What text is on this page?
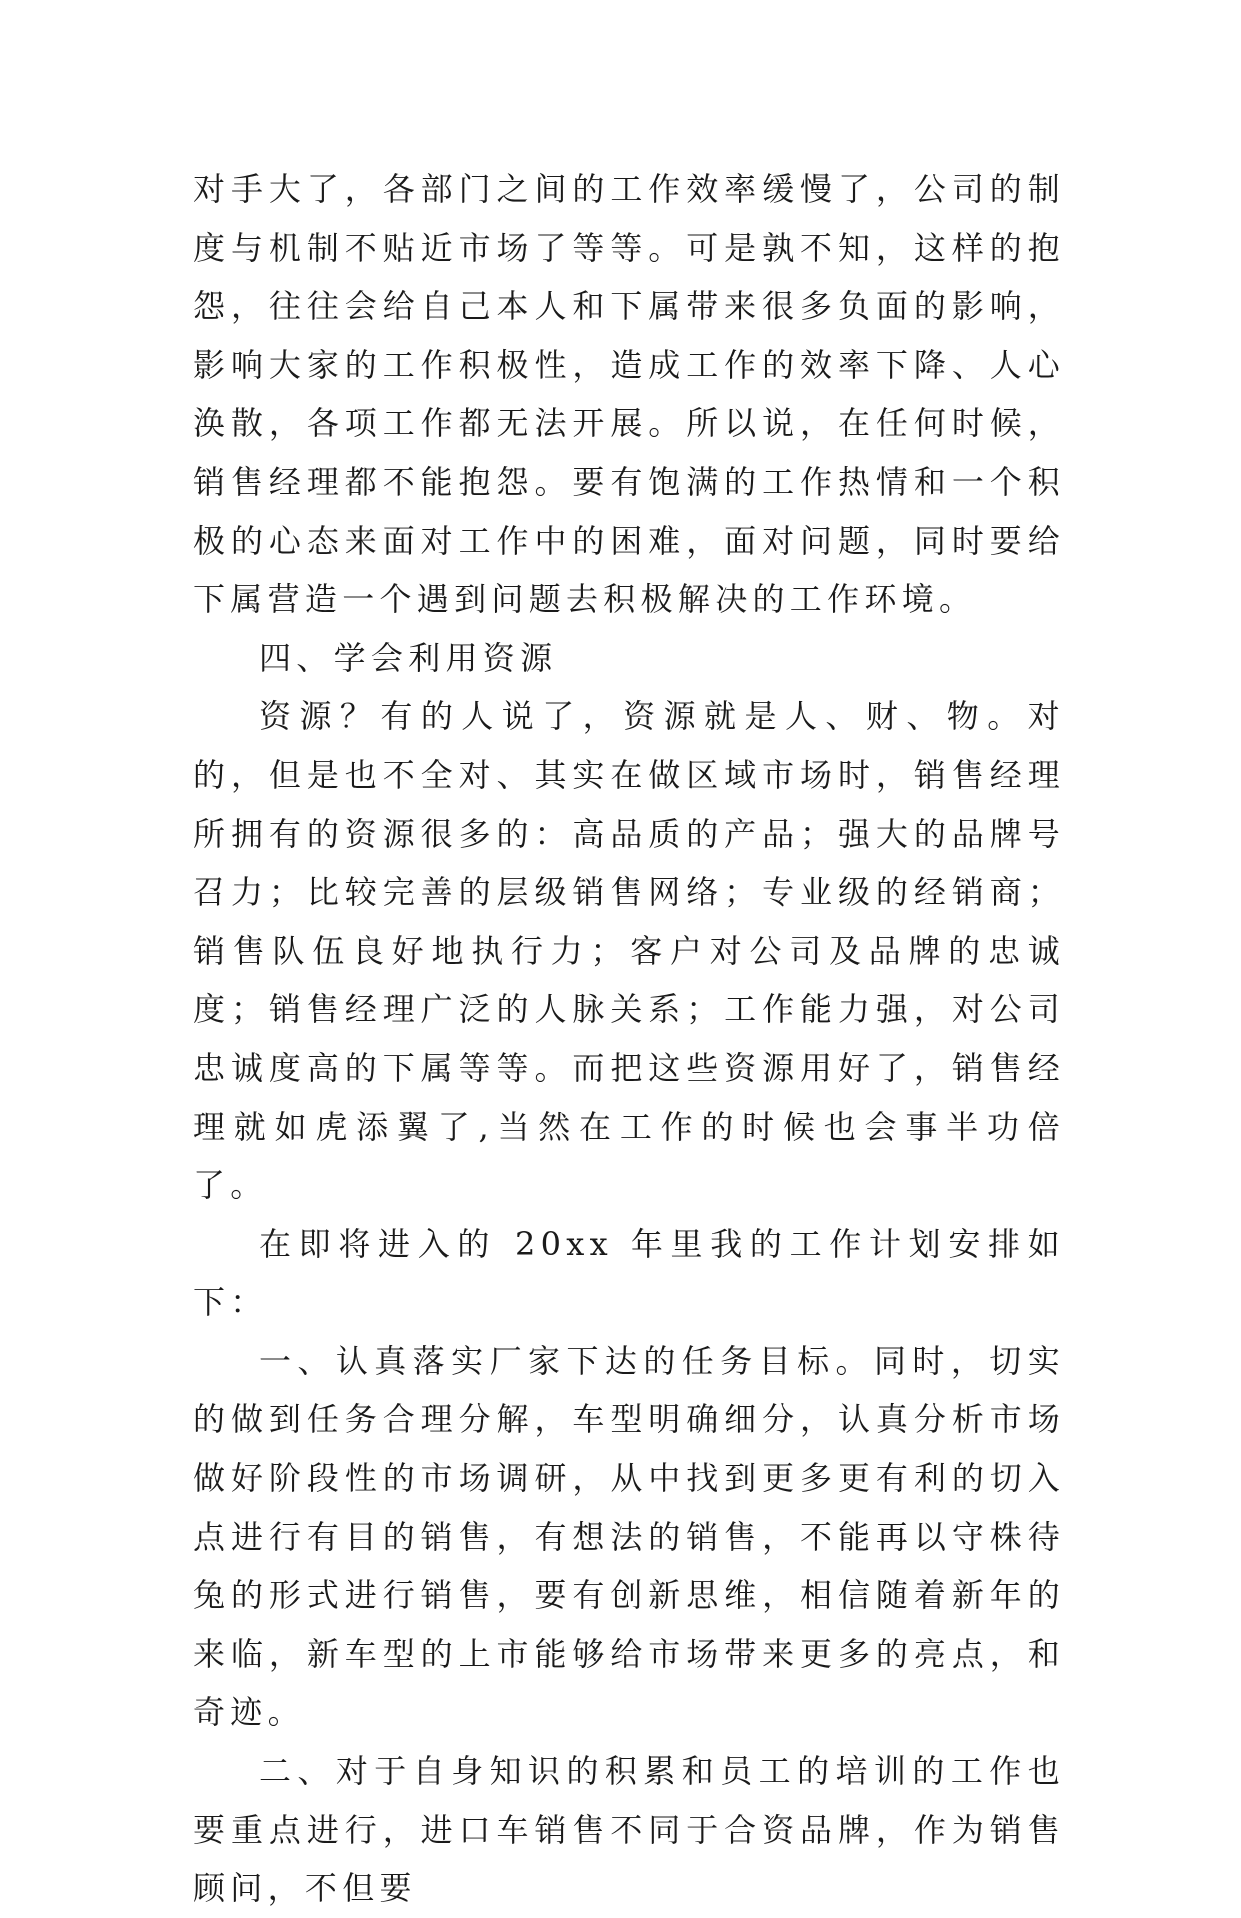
对手大了，各部门之间的工作效率缓慢了，公司的制度与机制不贴近市场了等等。可是孰不知，这样的抱怨，往往会给自己本人和下属带来很多负面的影响，影响大家的工作积极性，造成工作的效率下降、人心涣散，各项工作都无法开展。所以说，在任何时候，销售经理都不能抱怨。要有饱满的工作热情和一个积极的心态来面对工作中的困难，面对问题，同时要给下属营造一个遇到问题去积极解决的工作环境。

四、学会利用资源

资源？有的人说了，资源就是人、财、物。对的，但是也不全对、其实在做区域市场时，销售经理所拥有的资源很多的：高品质的产品；强大的品牌号召力；比较完善的层级销售网络；专业级的经销商；销售队伍良好地执行力；客户对公司及品牌的忠诚度；销售经理广泛的人脉关系；工作能力强，对公司忠诚度高的下属等等。而把这些资源用好了，销售经理就如虎添翼了,当然在工作的时候也会事半功倍了。

在即将进入的 20xx 年里我的工作计划安排如下：

一、认真落实厂家下达的任务目标。同时，切实的做到任务合理分解，车型明确细分，认真分析市场做好阶段性的市场调研，从中找到更多更有利的切入点进行有目的销售，有想法的销售，不能再以守株待兔的形式进行销售，要有创新思维，相信随着新年的来临，新车型的上市能够给市场带来更多的亮点，和奇迹。

二、对于自身知识的积累和员工的培训的工作也要重点进行，进口车销售不同于合资品牌，作为销售顾问，不但要
